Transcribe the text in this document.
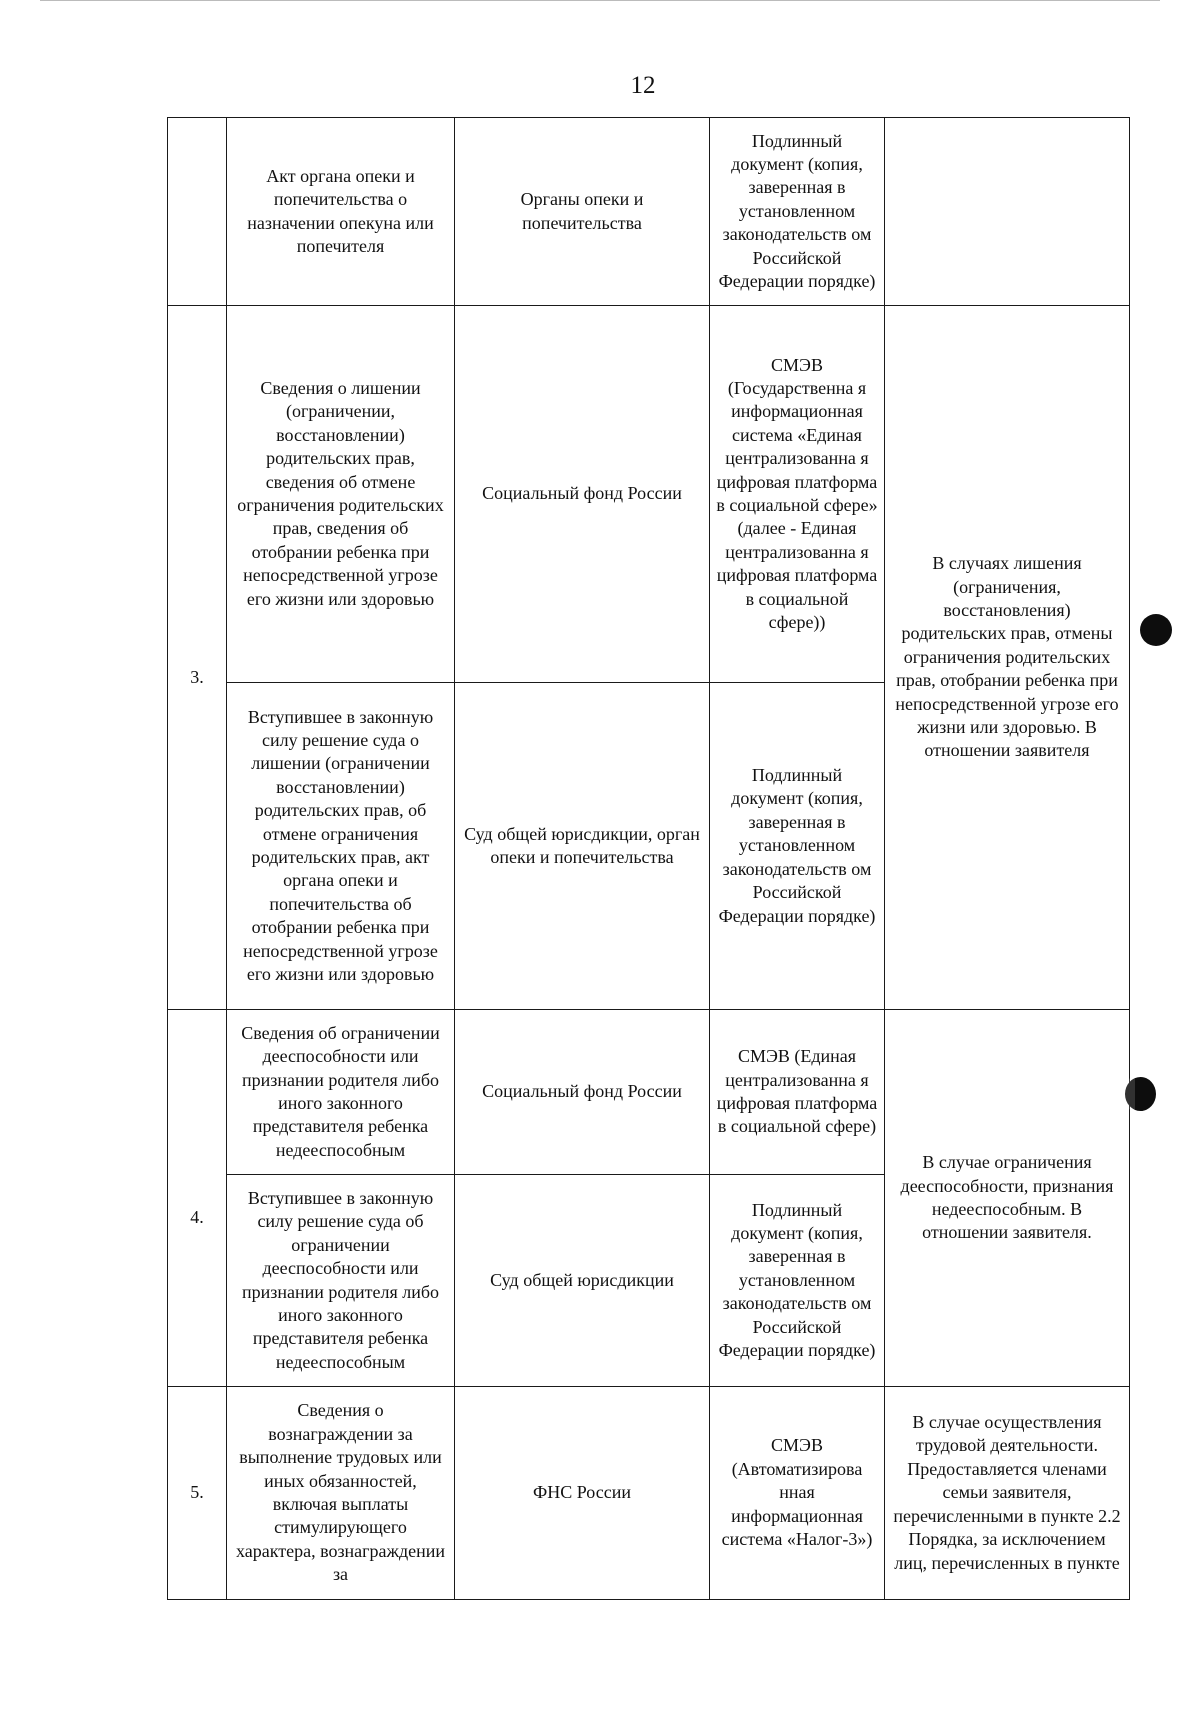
12
	Акт органа опеки и попечительства о назначении опекуна или попечителя	Органы опеки и попечительства	Подлинный документ (копия, заверенная в установленном законодательств ом Российской Федерации порядке)	
3.	Сведения о лишении (ограничении, восстановлении) родительских прав, сведения об отмене ограничения родительских прав, сведения об отобрании ребенка при непосредственной угрозе его жизни или здоровью	Социальный фонд России	СМЭВ (Государственна я информационная система «Единая централизованна я цифровая платформа в социальной сфере» (далее - Единая централизованна я цифровая платформа в социальной сфере))	В случаях лишения (ограничения, восстановления) родительских прав, отмены ограничения родительских прав, отобрании ребенка при непосредственной угрозе его жизни или здоровью. В отношении заявителя
	Вступившее в законную силу решение суда о лишении (ограничении восстановлении) родительских прав, об отмене ограничения родительских прав, акт органа опеки и попечительства об отобрании ребенка при непосредственной угрозе его жизни или здоровью	Суд общей юрисдикции, орган опеки и попечительства	Подлинный документ (копия, заверенная в установленном законодательств ом Российской Федерации порядке)	
4.	Сведения об ограничении дееспособности или признании родителя либо иного законного представителя ребенка недееспособным	Социальный фонд России	СМЭВ (Единая централизованна я цифровая платформа в социальной сфере)	В случае ограничения дееспособности, признания недееспособным. В отношении заявителя.
	Вступившее в законную силу решение суда об ограничении дееспособности или признании родителя либо иного законного представителя ребенка недееспособным	Суд общей юрисдикции	Подлинный документ (копия, заверенная в установленном законодательств ом Российской Федерации порядке)	
5.	Сведения о вознаграждении за выполнение трудовых или иных обязанностей, включая выплаты стимулирующего характера, вознаграждении за	ФНС России	СМЭВ (Автоматизирова нная информационная система «Налог-3»)	В случае осуществления трудовой деятельности. Предоставляется членами семьи заявителя, перечисленными в пункте 2.2 Порядка, за исключением лиц, перечисленных в пункте
